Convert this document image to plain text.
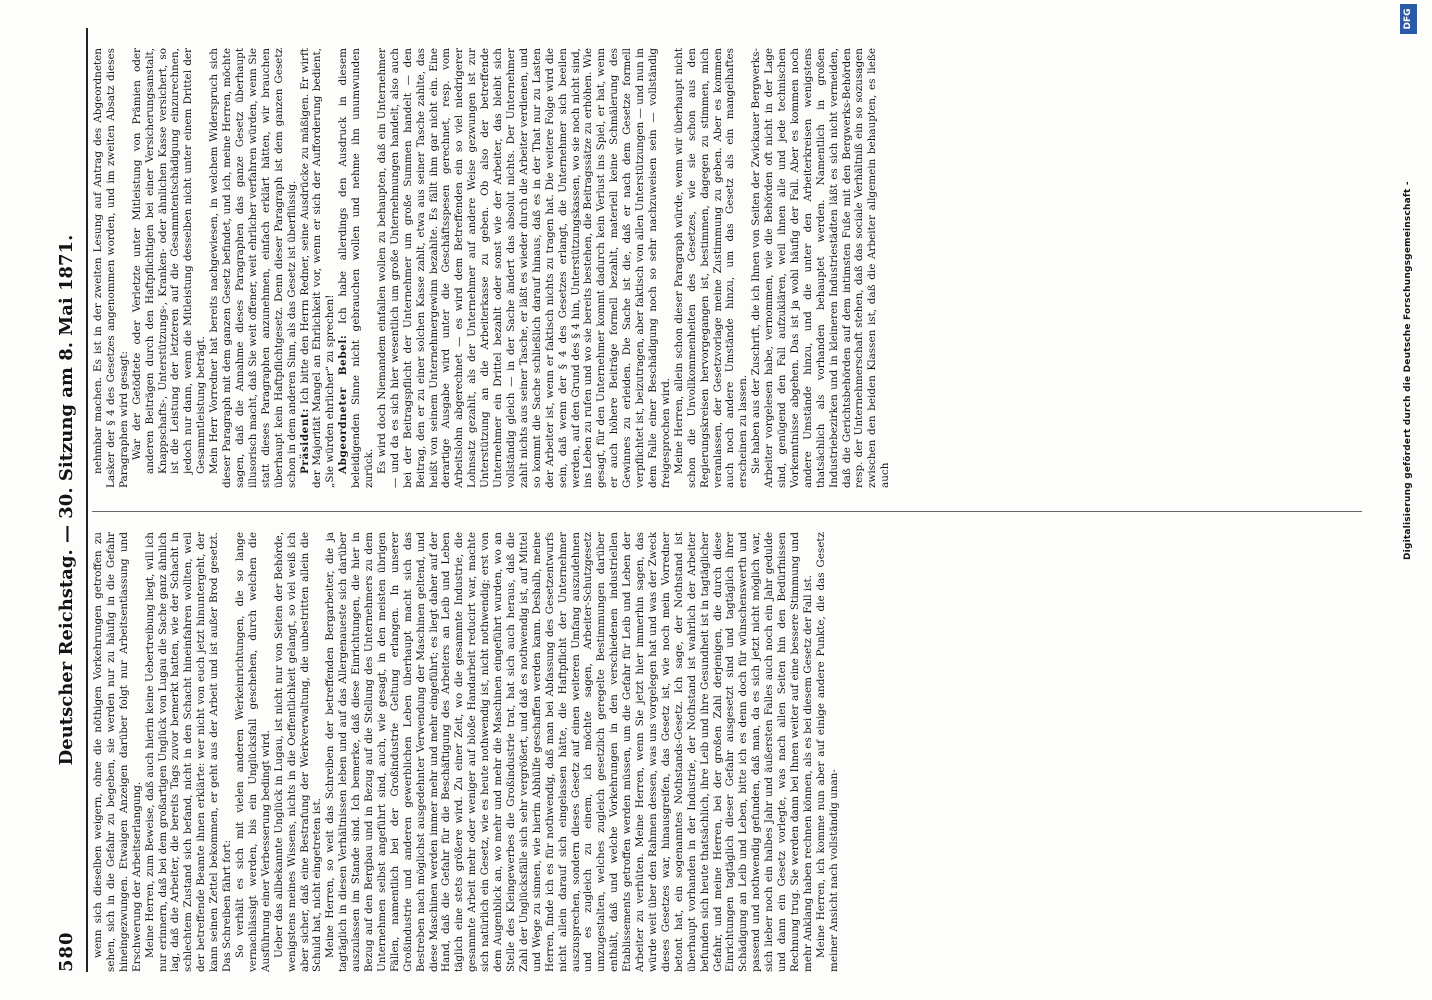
580
Deutscher Reichstag. — 30. Sitzung am 8. Mai 1871. wenn sich dieselben weigern, ohne die nöthigen Vorkehrungen getroffen zu sehen, sich in die Gefahr zu begeben, sie werden nur zu häufig in die Gefahr hineingezwungen. Etwaigen Anzeigen darüber folgt nur Arbeitsentlassung und Erschwerung der Arbeitserlangung. Meine Herren, zum Beweise, daß auch hierin keine Uebertreibung liegt, will ich nur erinnern, daß bei dem großartigen Unglück von Lugau die Sache ganz ähnlich lag, daß die Arbeiter, die bereits Tags zuvor bemerkt hatten, wie der Schacht in schlechtem Zustand sich befand, nicht in den Schacht hineinfahren wollten, weil der betreffende Beamte ihnen erklärte: wer nicht von euch jetzt hinuntergeht, der kann seinen Zettel bekommen, er geht aus der Arbeit und ist außer Brod gesetzt. Das Schreiben fährt fort: So verhält es sich mit vielen anderen Werkeinrichtungen, die so lange vernachlässigt werden, bis ein Unglücksfall geschehen, durch welchen die Ausführung einer Verbesserung bedingt wird. Ueber das allbekannte Unglück in Lugau, ist nicht nur von Seiten der Behörde, wenigstens meines Wissens, nichts in die Oeffentlichkeit gelangt, so viel weiß ich aber sicher, daß eine Bestrafung der Werkverwaltung, die unbestritten allein die Schuld hat, nicht eingetreten ist. Meine Herren, so weit das Schreiben der betreffenden Bergarbeiter, die ja tagtäglich in diesen Verhältnissen leben und auf das Allergenaueste sich darüber auszulassen im Stande sind. Ich bemerke, daß diese Einrichtungen, die hier in Bezug auf den Bergbau und in Bezug auf die Stellung des Unternehmers zu dem Unternehmen selbst angeführt sind, auch, wie gesagt, in den meisten übrigen Fällen, namentlich bei der Großindustrie Geltung erlangen. In unserer Großindustrie und anderen gewerblichen Leben überhaupt macht sich das Bestreben nach möglichst ausgedehnter Verwendung der Maschinen geltend, und diese Maschinen werden immer mehr und mehr eingeführt; es liegt daher auf der Hand, daß die Gefahr für die Beschäftigung des Arbeiters an Leib und Leben täglich eine stets größere wird. Zu einer Zeit, wo die gesammte Industrie, die gesammte Arbeit mehr oder weniger auf bloße Handarbeit reducirt war, machte sich natürlich ein Gesetz, wie es heute nothwendig ist, nicht nothwendig; erst von dem Augenblick an, wo mehr und mehr die Maschinen eingeführt wurden, wo an Stelle des Kleingewerbes die Großindustrie trat, hat sich auch heraus, daß die Zahl der Unglücksfälle sich sehr vergrößert, und daß es nothwendig ist, auf Mittel und Wege zu sinnen, wie hierin Abhülfe geschaffen werden kann. Deshalb, meine Herren, finde ich es für nothwendig, daß man bei Abfassung des Gesetzentwurfs nicht allein darauf sich eingelassen hätte, die Haftpflicht der Unternehmer auszusprechen, sondern dieses Gesetz auf einen weiteren Umfang auszudehnen und es zugleich zu einem, ich möchte sagen, Arbeiter-Schutzgesetz umzugestalten, welches zugleich gesetzlich geregelte Bestimmungen darüber enthält, daß und welche Vorkehrungen in den verschiedenen industriellen Etablissements getroffen werden müssen, um die Gefahr für Leib und Leben der Arbeiter zu verhüten. Meine Herren, wenn Sie jetzt hier immerhin sagen, das würde weit über den Rahmen dessen, was uns vorgelegen hat und was der Zweck dieses Gesetzes war, hinausgreifen, das Gesetz ist, wie noch mein Vorredner betont hat, ein sogenanntes Nothstands-Gesetz. Ich sage, der Nothstand ist überhaupt vorhanden in der Industrie, der Nothstand ist wahrlich der Arbeiter befunden sich heute thatsächlich, ihre Leib und ihre Gesundheit ist in tagtäglicher Gefahr, und meine Herren, bei der großen Zahl derjenigen, die durch diese Einrichtungen tagtäglich dieser Gefahr ausgesetzt sind und tagtäglich ihrer Schädigung an Leib und Leben, bitte ich es denn doch für wünschenswerth und passend und nothwendig gefunden, daß man, da es sich jetzt nicht möglich war, sich lieber noch ein halbes Jahr und äußersten Falles auch noch ein Jahr gedulde und dann ein Gesetz vorlegte, was nach allen Seiten hin den Bedürfnissen Rechnung trug. Sie werden dann bei Ihnen weiter auf eine bessere Stimmung und mehr Anklang haben rechnen können, als es bei diesem Gesetz der Fall ist. Meine Herren, ich komme nun aber auf einige andere Punkte, die das Gesetz meiner Ansicht nach vollständig unan-

nehmbar machen. Es ist in der zweiten Lesung auf Antrag des Abgeordneten Lasker der § 4 des Gesetzes angenommen worden, und im zweiten Absatz dieses Paragraphen wird gesagt: War der Getödtete oder Verletzte unter Mitleistung von Prämien oder anderen Beiträgen durch den Haftpflichtigen bei einer Versicherungsanstalt, Knappschafts-, Unterstützungs-, Kranken- oder ähnlichen Kasse versichert, so ist die Leistung der letzteren auf die Gesammtentschädigung einzurechnen, jedoch nur dann, wenn die Mitleistung desselben nicht unter einem Drittel der Gesammtleistung beträgt. Mein Herr Vorredner hat bereits nachgewiesen, in welchem Widerspruch sich dieser Paragraph mit dem ganzen Gesetz befindet, und ich, meine Herren, möchte sagen, daß die Annahme dieses Paragraphen das ganze Gesetz überhaupt illusorisch macht, daß Sie weit offener, weit ehrlicher verfahren würden, wenn Sie statt dieses Paragraphen anzunehmen, einfach erklärt hätten, wir brauchen überhaupt kein Haftpflichtgesetz. Denn dieser Paragraph ist dem ganzen Gesetz schon in dem anderen Sinn, als das Gesetz ist überflüssig. Präsident: Ich bitte den Herrn Redner, seine Ausdrücke zu mäßigen. Er wirft der Majorität Mangel an Ehrlichkeit vor, wenn er sich der Aufforderung bedient, „Sie würden ehrlicher“ zu sprechen! Abgeordneter Bebel: Ich habe allerdings den Ausdruck in diesem beleidigenden Sinne nicht gebrauchen wollen und nehme ihn unumwunden zurück. Es wird doch Niemandem einfallen wollen zu behaupten, daß ein Unternehmer — und da es sich hier wesentlich um große Unternehmungen handelt, also auch bei der Beitragspflicht der Unternehmer um große Summen handelt — den Beitrag, den er zu einer solchen Kasse zahlt, etwa aus seiner Tasche zahlte, das heißt von seinem Unternehmergewinn bezahlte. Es fällt ihm gar nicht ein. Eine derartige Ausgabe wird unter die Geschäftsspesen gerechnet, resp. vom Arbeitslohn abgerechnet — es wird dem Betreffenden ein so viel niedrigerer Lohnsatz gezahlt, als der Unternehmer auf andere Weise gezwungen ist zur Unterstützung an die Arbeiterkasse zu geben. Ob also der betreffende Unternehmer ein Drittel bezahlt oder sonst wie der Arbeiter, das bleibt sich vollständig gleich — in der Sache ändert das absolut nichts. Der Unternehmer zahlt nichts aus seiner Tasche, er läßt es wieder durch die Arbeiter verdienen, und so kommt die Sache schließlich darauf hinaus, daß es in der That nur zu Lasten der Arbeiter ist, wenn er faktisch nichts zu tragen hat. Die weitere Folge wird die sein, daß wenn der § 4 des Gesetzes erlangt, die Unternehmer sich beeilen werden, auf den Grund des § 4 hin, Unterstützungskassen, wo sie noch nicht sind, ins Leben zu rufen und wo sie bereits bestehen, die Beitragssätze zu erhöhen. Wie gesagt, für den Unternehmer kommt dadurch kein Verlust ins Spiel, er hat, wenn er auch höhere Beiträge formell bezahlt, materiell keine Schmälerung des Gewinnes zu erleiden. Die Sache ist die, daß er nach dem Gesetze formell verpflichtet ist, beizutragen, aber faktisch von allen Unterstützungen — und nun in dem Falle einer Beschädigung noch so sehr nachzuweisen sein — vollständig freigesprochen wird. Meine Herren, allein schon dieser Paragraph würde, wenn wir überhaupt nicht schon die Unvollkommenheiten des Gesetzes, wie sie schon aus den Regierungskreisen hervorgegangen ist, bestimmen, dagegen zu stimmen, mich veranlassen, der Gesetzvorlage meine Zustimmung zu geben. Aber es kommen auch noch andere Umstände hinzu, um das Gesetz als ein mangelhaftes erscheinen zu lassen. Sie haben aus der Zuschrift, die ich Ihnen von Seiten der Zwickauer Bergwerks-Arbeiter vorgelesen habe, vernommen, wie die Behörden oft nicht in der Lage sind, genügend den Fall aufzuklären, weil ihnen alle und jede technischen Vorkenntnisse abgehen. Das ist ja wohl häufig der Fall. Aber es kommen noch andere Umstände hinzu, und die unter den Arbeiterkreisen wenigstens thatsächlich als vorhanden behauptet werden. Namentlich in großen Industriebezirken und in kleineren Industriestädten läßt es sich nicht vermeiden, daß die Gerichtsbehörden auf dem intimsten Fuße mit den Bergwerks-Behörden resp. der Unternehmerschaft stehen, daß das sociale Verhältniß ein so sozusagen zwischen den beiden Klassen ist, daß die Arbeiter allgemein behaupten, es ließe auch	Digitalisierung gefördert durch die Deutsche Forschungsgemeinschaft -
DFG
